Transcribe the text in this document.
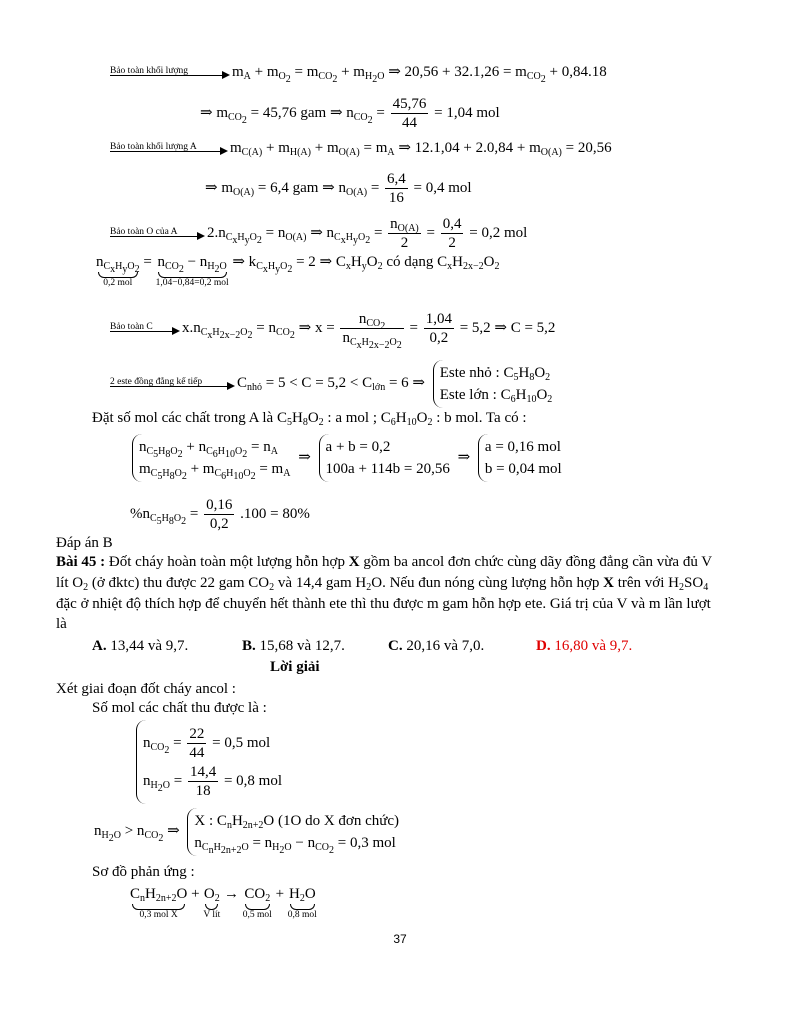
Bảo toàn khối lượng	$m_A + m_{O_2} = m_{CO_2} + m_{H_2O}$ ⇒ $20,56 + 32.1,26 = m_{CO_2} + 0,84.18$
⇒ $m_{CO_2} = 45,76$ gam ⇒ $n_{CO_2} = \frac{45,76}{44} = 1,04$ mol
Bảo toàn khối lượng A	$m_{C(A)} + m_{H(A)} + m_{O(A)} = m_A$ ⇒ $12.1,04 + 2.0,84 + m_{O(A)} = 20,56$
⇒ $m_{O(A)} = 6,4$ gam ⇒ $n_{O(A)} = \frac{6,4}{16} = 0,4$ mol
Bảo toàn O của A	$2.n_{C_xH_yO_2} = n_{O(A)}$ ⇒ $n_{C_xH_yO_2} = \frac{n_{O(A)}}{2} = \frac{0,4}{2} = 0,2$ mol
$n_{C_xH_yO_2}$
0,2 mol
= $n_{CO_2} - n_{H_2O}$
1,04−0,84=0,2 mol
⇒ $k_{C_xH_yO_2} = 2$ ⇒ $C_xH_yO_2$ có dạng $C_xH_{2x-2}O_2$
Bảo toàn C	$x.n_{C_xH_{2x-2}O_2} = n_{CO_2}$ ⇒ $x = \frac{n_{CO_2}}{n_{C_xH_{2x-2}O_2}} = \frac{1,04}{0,2} = 5,2$ ⇒ C = 5,2
2 este đồng đẳng kế tiếp	$C_{nhỏ} = 5 < C = 5,2 < C_{lớn} = 6$ ⇒
Este nhỏ : $C_5H_8O_2$
Este lớn : $C_6H_{10}O_2$
Đặt số mol các chất trong A là $C_5H_8O_2$ : a mol ; $C_6H_{10}O_2$ : b mol. Ta có :
$n_{C_5H_8O_2} + n_{C_6H_{10}O_2} = n_A$
$m_{C_5H_8O_2} + m_{C_6H_{10}O_2} = m_A$
⇒
a + b = 0,2
100a + 114b = 20,56
⇒
a = 0,16 mol
b = 0,04 mol
$\%n_{C_5H_8O_2} = \frac{0,16}{0,2} .100 = 80\%$
Đáp án B
Bài 45 : Đốt cháy hoàn toàn một lượng hỗn hợp X gồm ba ancol đơn chức cùng dãy đồng đẳng cần vừa đủ V
lít $O_2$ (ở đktc) thu được 22 gam $CO_2$ và 14,4 gam $H_2O$. Nếu đun nóng cùng lượng hỗn hợp X trên với $H_2SO_4$
đặc ở nhiệt độ thích hợp để chuyển hết thành ete thì thu được m gam hỗn hợp ete. Giá trị của V và m lần lượt
là
A. 13,44 và 9,7.	B. 15,68 và 12,7.	C. 20,16 và 7,0.	D. 16,80 và 9,7.
Lời giải
Xét giai đoạn đốt cháy ancol :
Số mol các chất thu được là :
$n_{CO_2} = \frac{22}{44} = 0,5$ mol
$n_{H_2O} = \frac{14,4}{18} = 0,8$ mol
$n_{H_2O} > n_{CO_2}$ ⇒
X : $C_nH_{2n+2}O$ (1O do X đơn chức)
$n_{C_nH_{2n+2}O} = n_{H_2O} - n_{CO_2} = 0,3$ mol
Sơ đồ phản ứng :
$C_nH_{2n+2}O$
0,3 mol X
+ $O_2$
V lít
→ $CO_2$
0,5 mol
+ $H_2O$
0,8 mol
37
